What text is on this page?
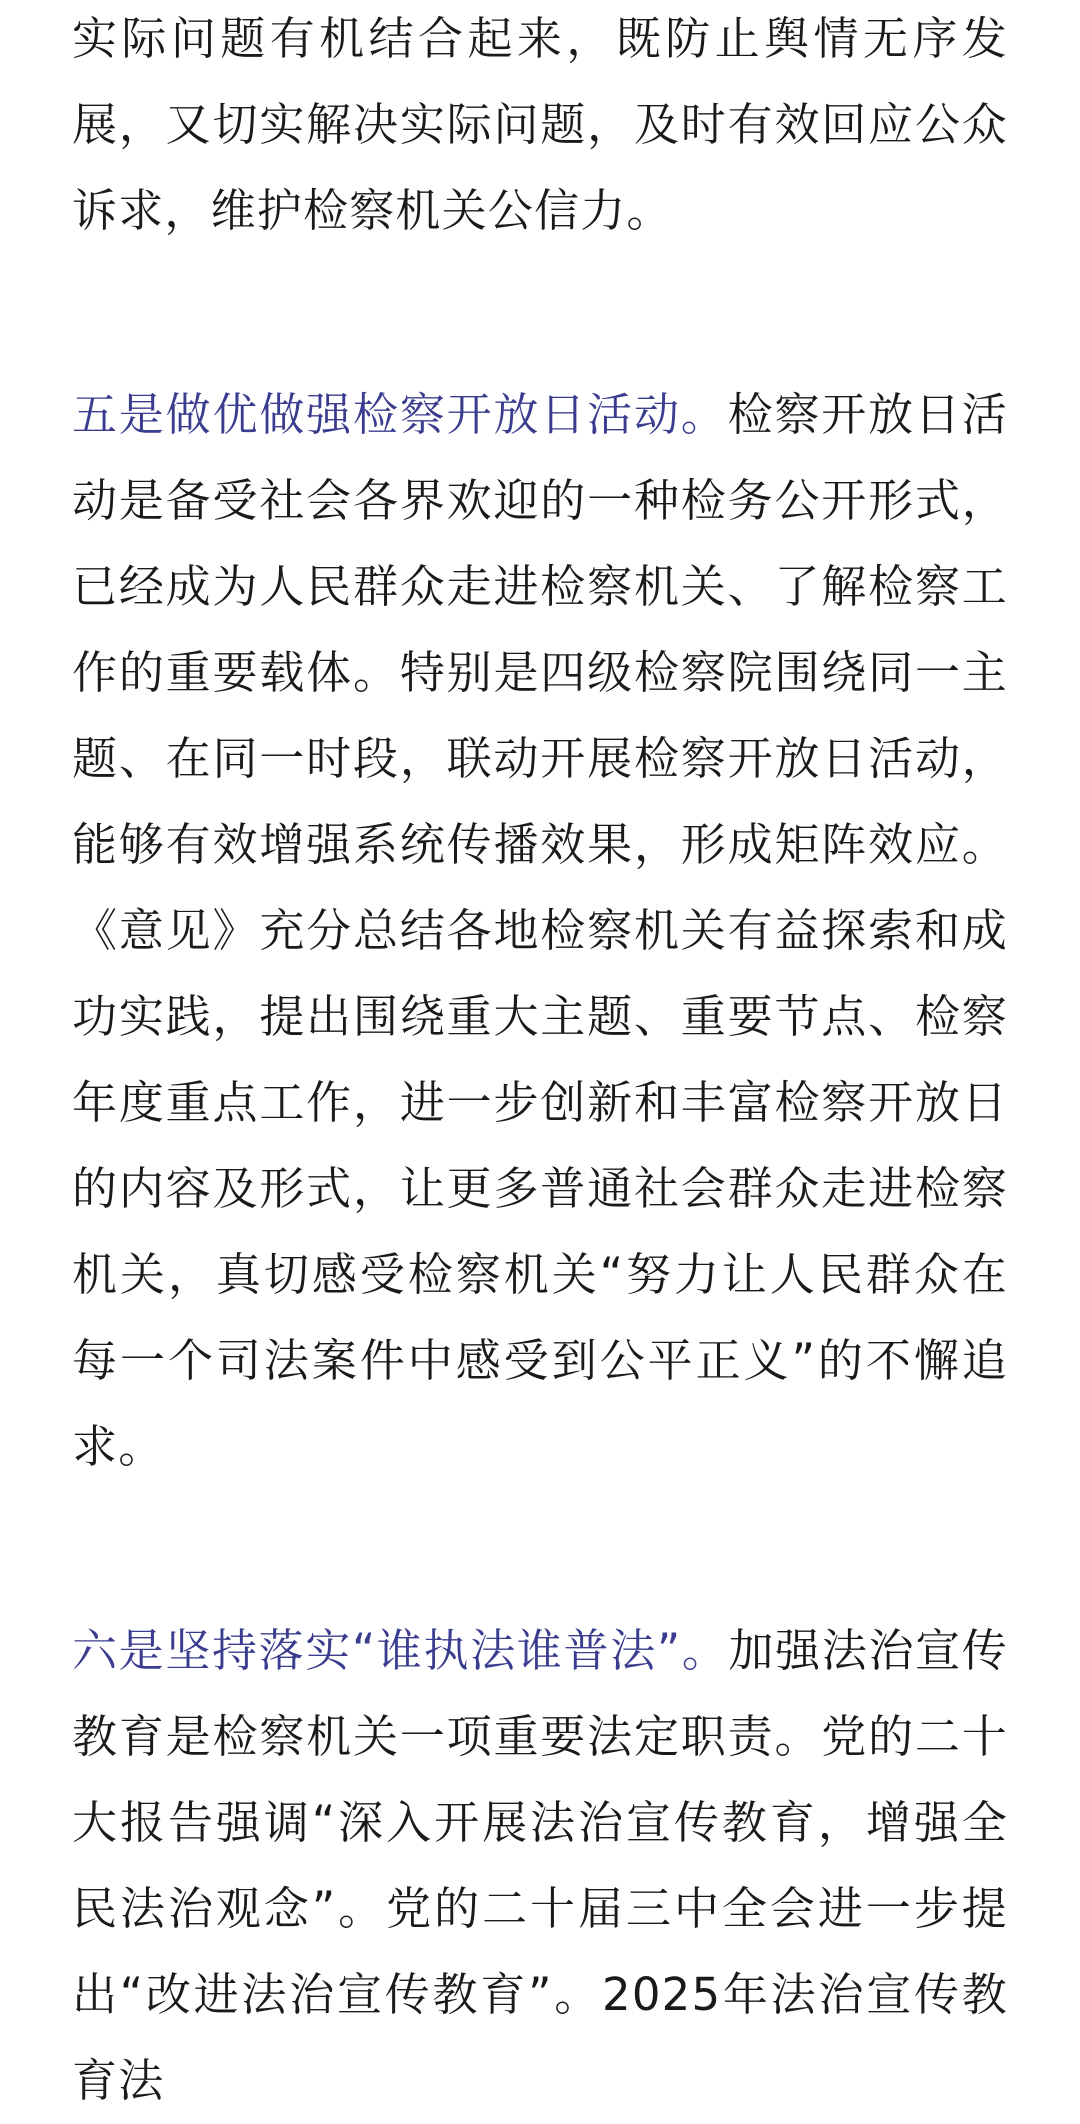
实际问题有机结合起来，既防止舆情无序发展，又切实解决实际问题，及时有效回应公众诉求，维护检察机关公信力。

五是做优做强检察开放日活动。检察开放日活动是备受社会各界欢迎的一种检务公开形式，已经成为人民群众走进检察机关、了解检察工作的重要载体。特别是四级检察院围绕同一主题、在同一时段，联动开展检察开放日活动，能够有效增强系统传播效果，形成矩阵效应。《意见》充分总结各地检察机关有益探索和成功实践，提出围绕重大主题、重要节点、检察年度重点工作，进一步创新和丰富检察开放日的内容及形式，让更多普通社会群众走进检察机关，真切感受检察机关“努力让人民群众在每一个司法案件中感受到公平正义”的不懈追求。

六是坚持落实“谁执法谁普法”。加强法治宣传教育是检察机关一项重要法定职责。党的二十大报告强调“深入开展法治宣传教育，增强全民法治观念”。党的二十届三中全会进一步提出“改进法治宣传教育”。2025年法治宣传教育法
